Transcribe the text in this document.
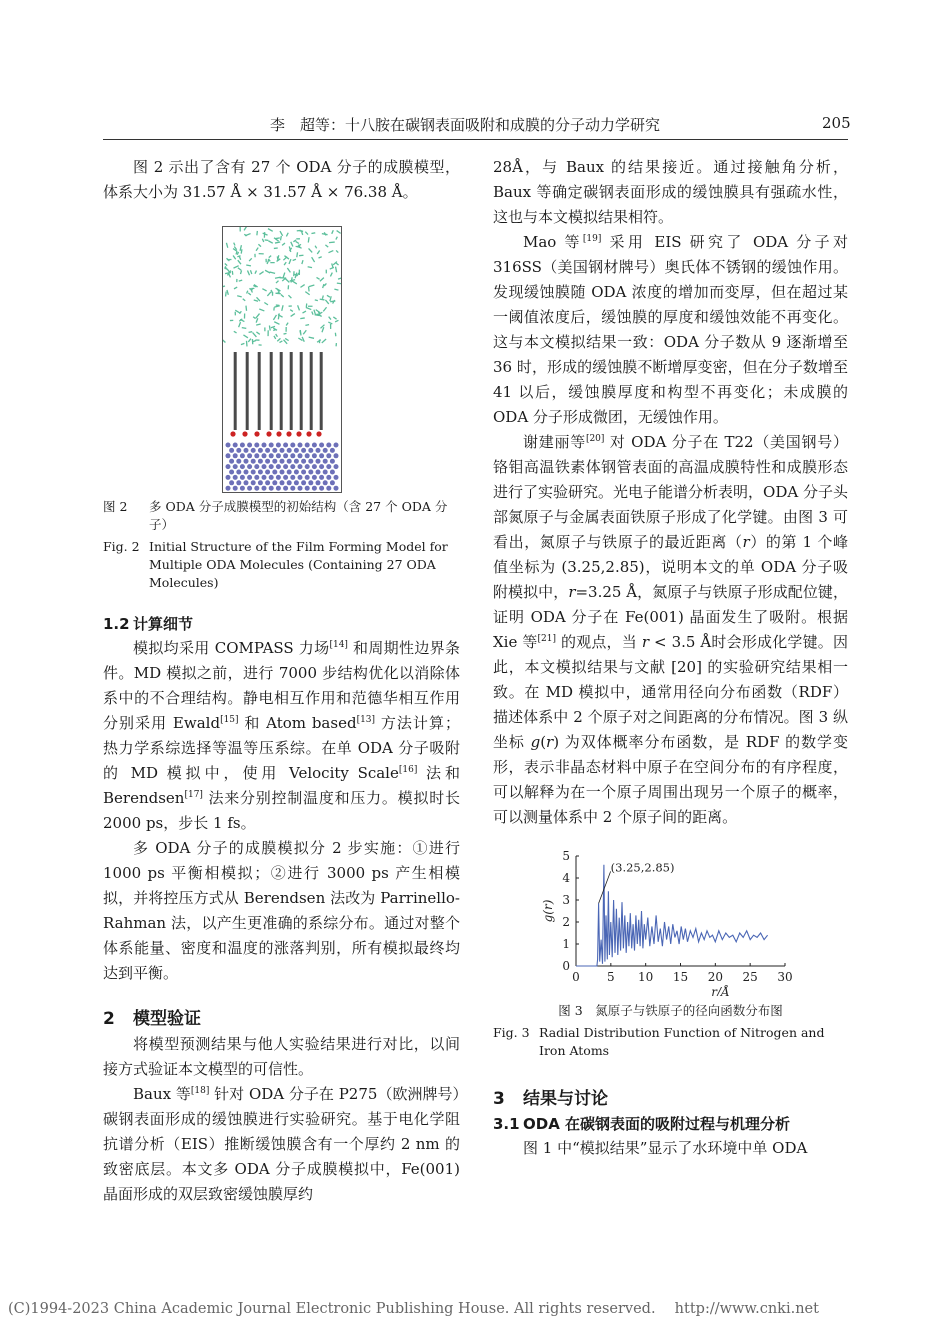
李　超等：十八胺在碳钢表面吸附和成膜的分子动力学研究	205

图 2 示出了含有 27 个 ODA 分子的成膜模型，体系大小为 31.57 Å × 31.57 Å × 76.38 Å。

图 2	多 ODA 分子成膜模型的初始结构（含 27 个 ODA 分子）
Fig. 2 Initial Structure of the Film Forming Model for Multiple ODA Molecules (Containing 27 ODA Molecules)
1.2 计算细节

模拟均采用 COMPASS 力场[14] 和周期性边界条件。MD 模拟之前，进行 7000 步结构优化以消除体系中的不合理结构。静电相互作用和范德华相互作用分别采用 Ewald[15] 和 Atom based[13] 方法计算；热力学系综选择等温等压系综。在单 ODA 分子吸附的 MD 模拟中，使用 Velocity Scale[16] 法和 Berendsen[17] 法来分别控制温度和压力。模拟时长 2000 ps，步长 1 fs。

多 ODA 分子的成膜模拟分 2 步实施：①进行 1000 ps 平衡相模拟；②进行 3000 ps 产生相模拟，并将控压方式从 Berendsen 法改为 Parrinello-Rahman 法，以产生更准确的系综分布。通过对整个体系能量、密度和温度的涨落判别，所有模拟最终均达到平衡。

2 模型验证

将模型预测结果与他人实验结果进行对比，以间接方式验证本文模型的可信性。

Baux 等[18] 针对 ODA 分子在 P275（欧洲牌号）碳钢表面形成的缓蚀膜进行实验研究。基于电化学阻抗谱分析（EIS）推断缓蚀膜含有一个厚约 2 nm 的致密底层。本文多 ODA 分子成膜模拟中，Fe(001) 晶面形成的双层致密缓蚀膜厚约

28Å，与 Baux 的结果接近。通过接触角分析，Baux 等确定碳钢表面形成的缓蚀膜具有强疏水性，这也与本文模拟结果相符。

Mao 等[19] 采用 EIS 研究了 ODA 分子对 316SS（美国钢材牌号）奥氏体不锈钢的缓蚀作用。发现缓蚀膜随 ODA 浓度的增加而变厚，但在超过某一阈值浓度后，缓蚀膜的厚度和缓蚀效能不再变化。这与本文模拟结果一致：ODA 分子数从 9 逐渐增至 36 时，形成的缓蚀膜不断增厚变密，但在分子数增至 41 以后，缓蚀膜厚度和构型不再变化；未成膜的 ODA 分子形成微团，无缓蚀作用。

谢建丽等[20] 对 ODA 分子在 T22（美国钢号）铬钼高温铁素体钢管表面的高温成膜特性和成膜形态进行了实验研究。光电子能谱分析表明，ODA 分子头部氮原子与金属表面铁原子形成了化学键。由图 3 可看出，氮原子与铁原子的最近距离（r）的第 1 个峰值坐标为 (3.25,2.85)，说明本文的单 ODA 分子吸附模拟中，r=3.25 Å，氮原子与铁原子形成配位键，证明 ODA 分子在 Fe(001) 晶面发生了吸附。根据 Xie 等[21] 的观点，当 r < 3.5 Å时会形成化学键。因此，本文模拟结果与文献 [20] 的实验研究结果相一致。在 MD 模拟中，通常用径向分布函数（RDF）描述体系中 2 个原子对之间距离的分布情况。图 3 纵坐标 g(r) 为双体概率分布函数，是 RDF 的数学变形，表示非晶态材料中原子在空间分布的有序程度，可以解释为在一个原子周围出现另一个原子的概率，可以测量体系中 2 个原子间的距离。

0 5 10 15 20 25 30
0
1
2
3
4
5
(3.25,2.85)
g(r)
r/Å
图 3　 氮原子与铁原子的径向函数分布图
Fig. 3 Radial Distribution Function of Nitrogen and Iron Atoms
3 结果与讨论
3.1 ODA 在碳钢表面的吸附过程与机理分析

图 1 中“模拟结果”显示了水环境中单 ODA

(C)1994-2023 China Academic Journal Electronic Publishing House. All rights reserved.　 http://www.cnki.net
